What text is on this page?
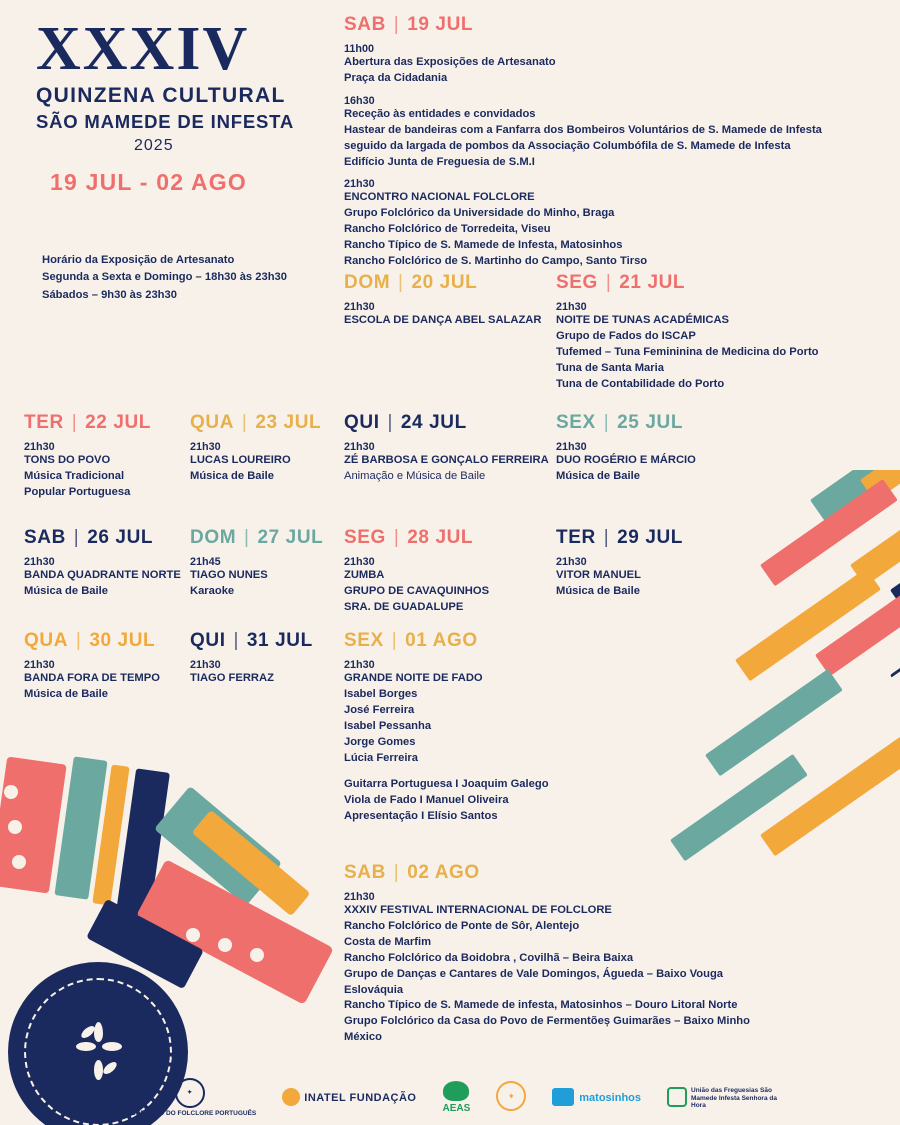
XXXIV
QUINZENA CULTURAL
SÃO MAMEDE DE INFESTA
2025
19 JUL - 02 AGO
Horário da Exposição de Artesanato
Segunda a Sexta e Domingo – 18h30 às 23h30
Sábados – 9h30 às 23h30
SAB | 19 JUL
11h00
Abertura das Exposições de Artesanato
Praça da Cidadania
16h30
Receção às entidades e convidados
Hastear de bandeiras com a Fanfarra dos Bombeiros Voluntários de S. Mamede de Infesta
seguido da largada de pombos da Associação Columbófila de S. Mamede de Infesta
Edifício Junta de Freguesia de S.M.I
21h30
ENCONTRO NACIONAL FOLCLORE
Grupo Folclórico da Universidade do Minho, Braga
Rancho Folclórico de Torredeita, Viseu
Rancho Típico de S. Mamede de Infesta, Matosinhos
Rancho Folclórico de S. Martinho do Campo, Santo Tirso
DOM | 20 JUL
21h30
ESCOLA DE DANÇA ABEL SALAZAR
SEG | 21 JUL
21h30
NOITE DE TUNAS ACADÉMICAS
Grupo de Fados do ISCAP
Tufemed – Tuna Femininina de Medicina do Porto
Tuna de Santa Maria
Tuna de Contabilidade do Porto
TER | 22 JUL
21h30
TONS DO POVO
Música Tradicional
Popular Portuguesa
QUA | 23 JUL
21h30
LUCAS LOUREIRO
Música de Baile
QUI | 24 JUL
21h30
ZÉ BARBOSA E GONÇALO FERREIRA
Animação e Música de Baile
SEX | 25 JUL
21h30
DUO ROGÉRIO E MÁRCIO
Música de Baile
SAB | 26 JUL
21h30
BANDA QUADRANTE NORTE
Música de Baile
DOM | 27 JUL
21h45
TIAGO NUNES
Karaoke
SEG | 28 JUL
21h30
ZUMBA
GRUPO DE CAVAQUINHOS
SRA. DE GUADALUPE
TER | 29 JUL
21h30
VITOR MANUEL
Música de Baile
QUA | 30 JUL
21h30
BANDA FORA DE TEMPO
Música de Baile
QUI | 31 JUL
21h30
TIAGO FERRAZ
SEX | 01 AGO
21h30
GRANDE NOITE DE FADO
Isabel Borges
José Ferreira
Isabel Pessanha
Jorge Gomes
Lúcia Ferreira
Guitarra Portuguesa I Joaquim Galego
Viola de Fado I Manuel Oliveira
Apresentação I Elísio Santos
SAB | 02 AGO
21h30
XXXIV FESTIVAL INTERNACIONAL DE FOLCLORE
Rancho Folclórico de Ponte de Sôr, Alentejo
Costa de Marfim
Rancho Folclórico da Boidobra , Covilhã – Beira Baixa
Grupo de Danças e Cantares de Vale Domingos, Águeda – Baixo Vouga
Eslováquia
Rancho Típico de S. Mamede de infesta, Matosinhos – Douro Litoral Norte
Grupo Folclórico da Casa do Povo de Fermentõeș Guimarães – Baixo Minho
México
✦
FEDERAÇÃO DO FOLCLORE PORTUGUÊS
INATEL FUNDAÇÃO
AEAS
⚜	matosinhos
União das Freguesias São Mamede Infesta Senhora da Hora
